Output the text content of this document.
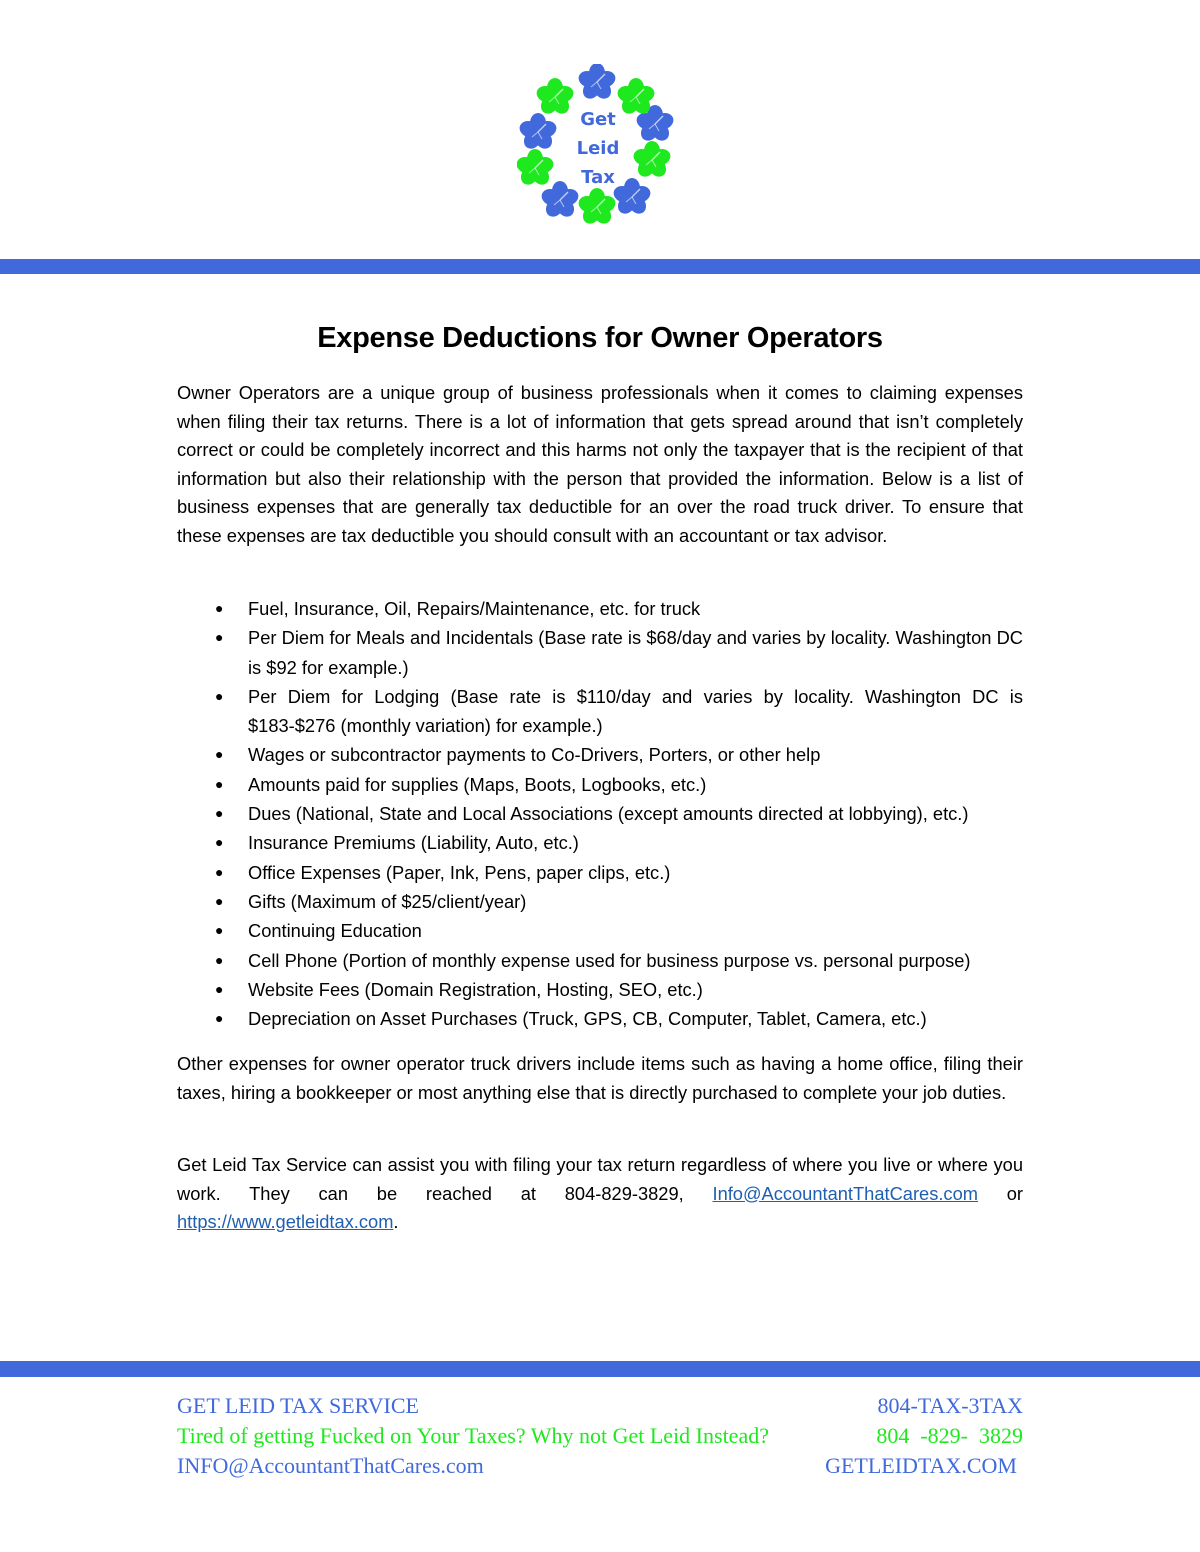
Get
Leid
Tax
Expense Deductions for Owner Operators

Owner Operators are a unique group of business professionals when it comes to claiming expenses when filing their tax returns. There is a lot of information that gets spread around that isn’t completely correct or could be completely incorrect and this harms not only the taxpayer that is the recipient of that information but also their relationship with the person that provided the information. Below is a list of business expenses that are generally tax deductible for an over the road truck driver. To ensure that these expenses are tax deductible you should consult with an accountant or tax advisor.

● Fuel, Insurance, Oil, Repairs/Maintenance, etc. for truck
● Per Diem for Meals and Incidentals (Base rate is $68/day and varies by locality. Washington DC is $92 for example.)
● Per Diem for Lodging (Base rate is $110/day and varies by locality. Washington DC is $183-$276 (monthly variation) for example.)
● Wages or subcontractor payments to Co-Drivers, Porters, or other help
● Amounts paid for supplies (Maps, Boots, Logbooks, etc.)
● Dues (National, State and Local Associations (except amounts directed at lobbying), etc.)
● Insurance Premiums (Liability, Auto, etc.)
● Office Expenses (Paper, Ink, Pens, paper clips, etc.)
● Gifts (Maximum of $25/client/year)
● Continuing Education
● Cell Phone (Portion of monthly expense used for business purpose vs. personal purpose)
● Website Fees (Domain Registration, Hosting, SEO, etc.)
● Depreciation on Asset Purchases (Truck, GPS, CB, Computer, Tablet, Camera, etc.)

Other expenses for owner operator truck drivers include items such as having a home office, filing their taxes, hiring a bookkeeper or most anything else that is directly purchased to complete your job duties.

Get Leid Tax Service can assist you with filing your tax return regardless of where you live or where you work. They can be reached at 804-829-3829, Info@AccountantThatCares.com or https://www.getleidtax.com.

GET LEID TAX SERVICE	804-TAX-3TAX
Tired of getting Fucked on Your Taxes? Why not Get Leid Instead?	804  -829-  3829
INFO@AccountantThatCares.com	GETLEIDTAX.COM
